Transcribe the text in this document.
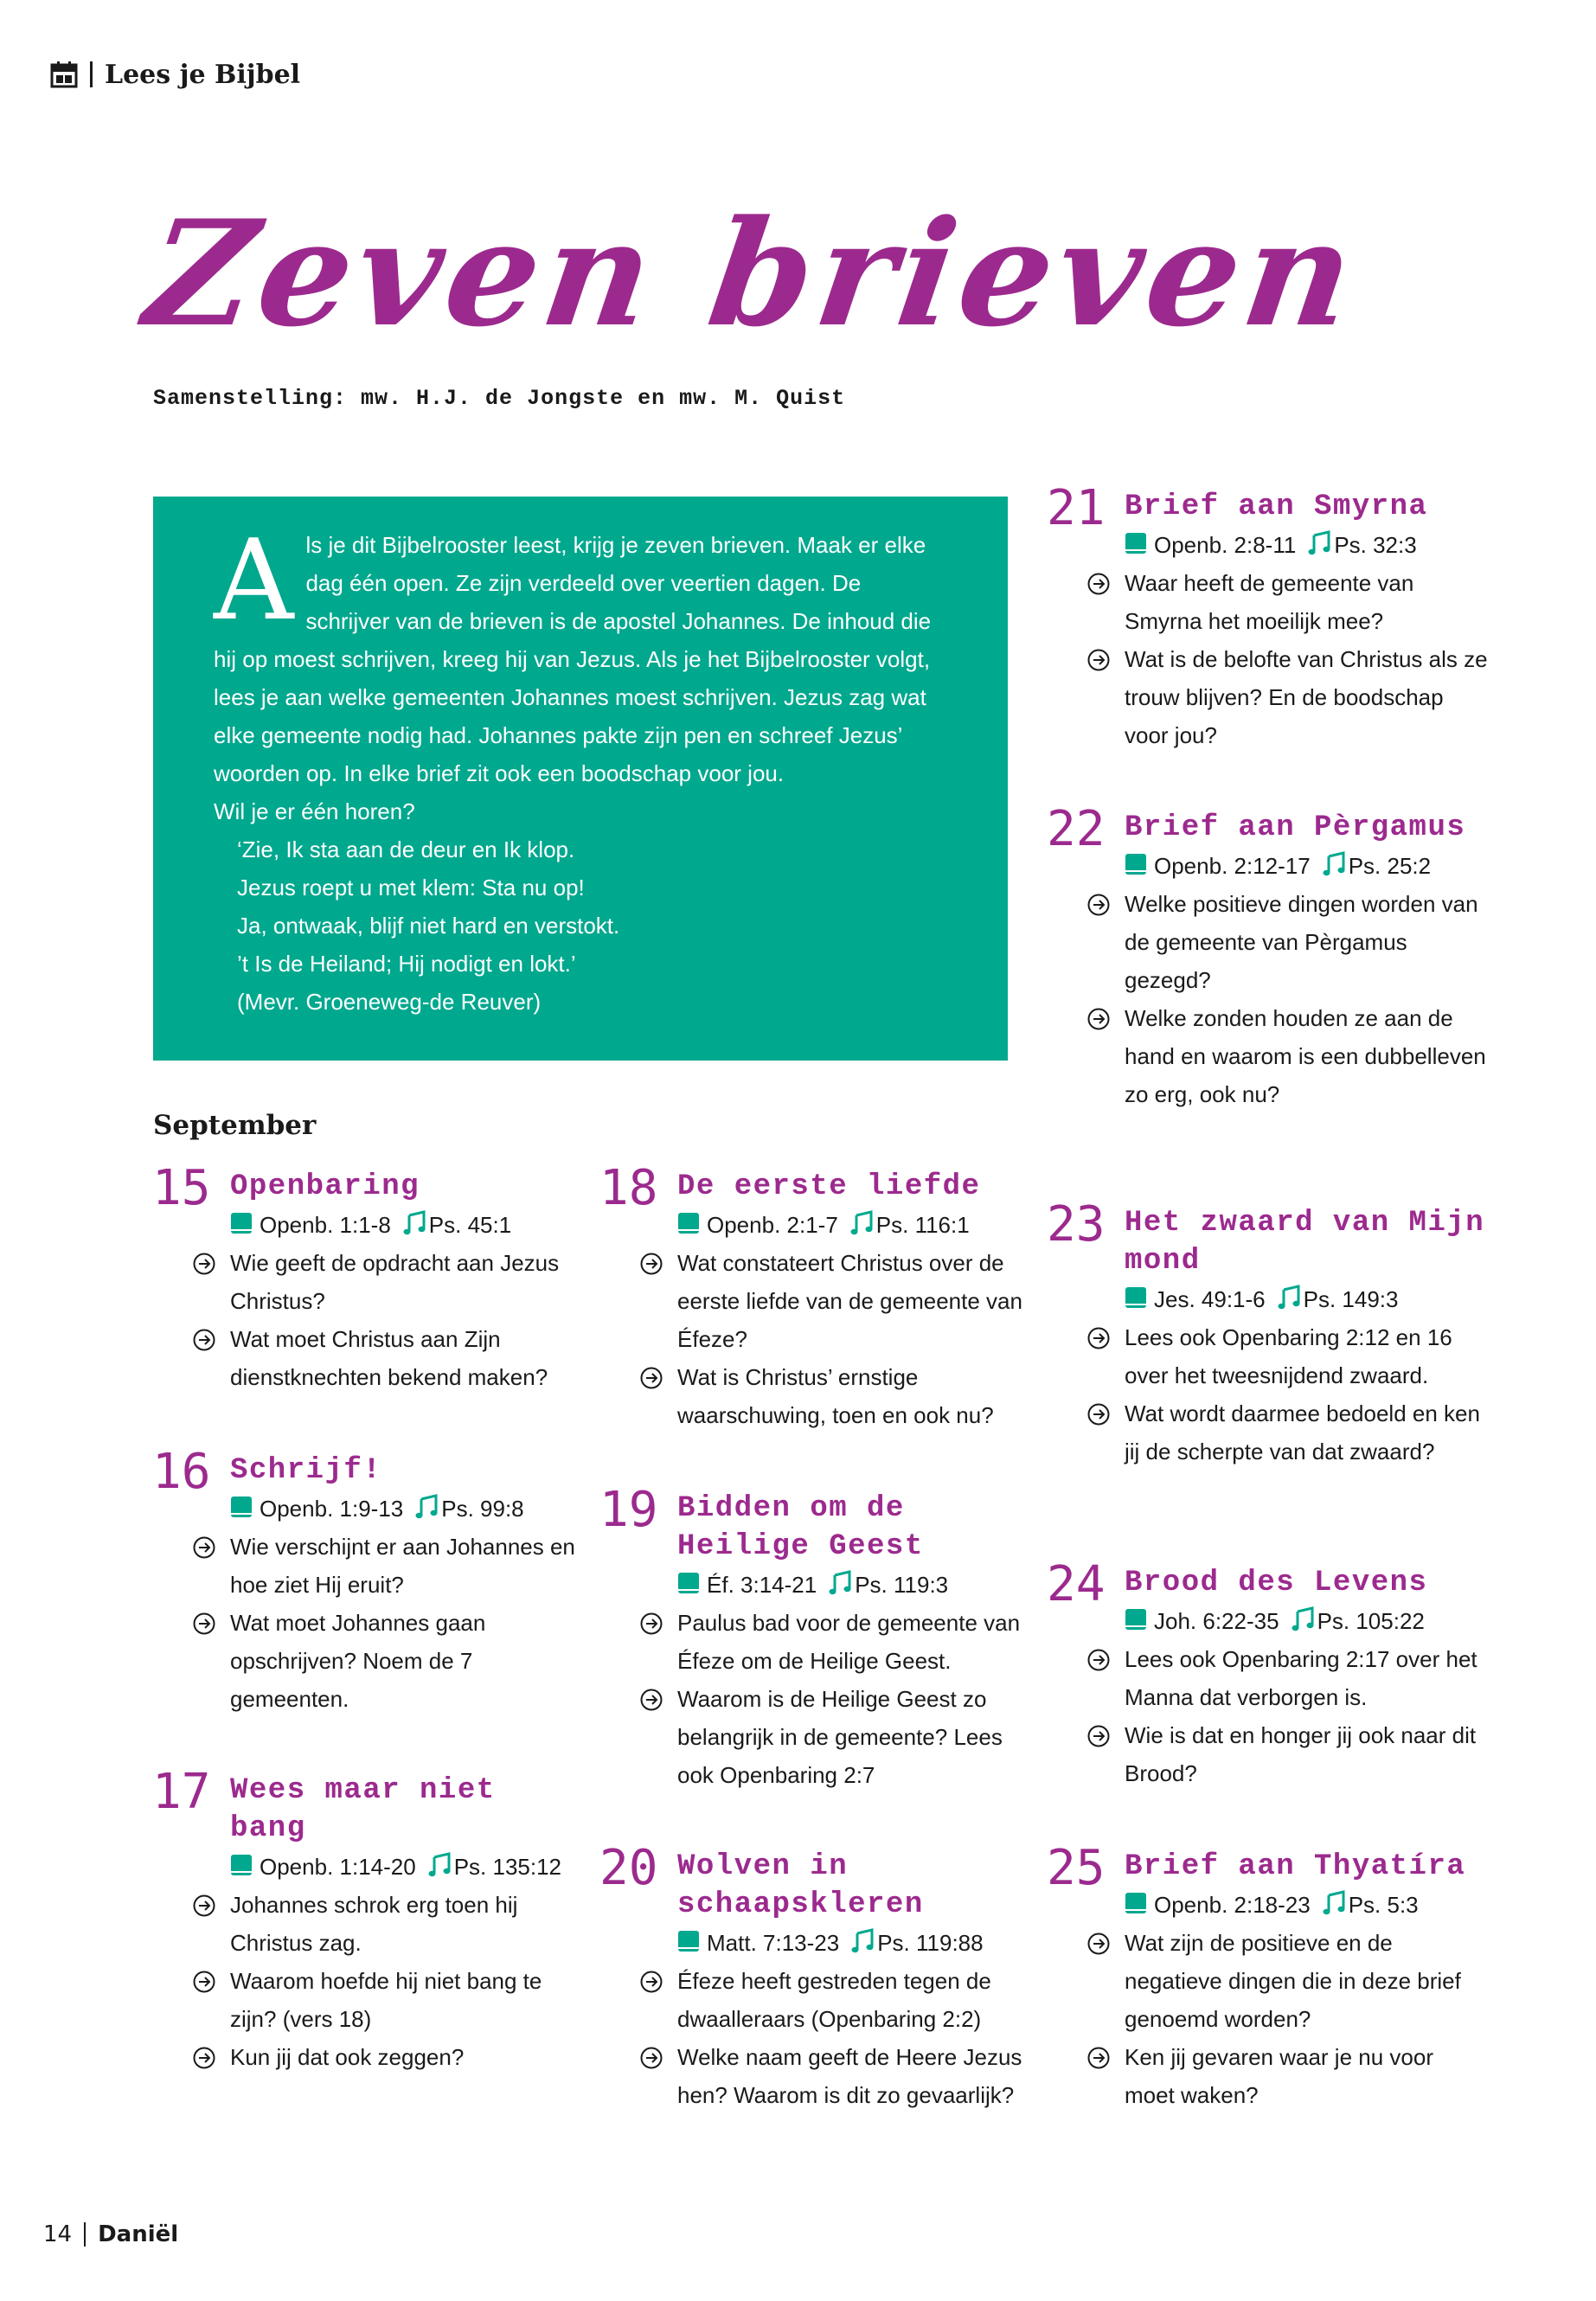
Lees je Bijbel
Zeven brieven
Samenstelling: mw. H.J. de Jongste en mw. M. Quist
A ls je dit Bijbelrooster leest, krijg je zeven brieven. Maak er elke dag één open. Ze zijn verdeeld over veertien dagen. De schrijver van de brieven is de apostel Johannes. De inhoud die hij op moest schrijven, kreeg hij van Jezus. Als je het Bijbelrooster volgt, lees je aan welke gemeenten Johannes moest schrijven. Jezus zag wat elke gemeente nodig had. Johannes pakte zijn pen en schreef Jezus’ woorden op. In elke brief zit ook een boodschap voor jou.

Wil je er één horen?

‘Zie, Ik sta aan de deur en Ik klop.
Jezus roept u met klem: Sta nu op!
Ja, ontwaak, blijf niet hard en verstokt.
’t Is de Heiland; Hij nodigt en lokt.’
(Mevr. Groeneweg-de Reuver)
September
15 Openbaring
Openb. 1:1-8 Ps. 45:1
Wie geeft de opdracht aan Jezus Christus?
Wat moet Christus aan Zijn dienstknechten bekend maken?
16 Schrijf!
Openb. 1:9-13 Ps. 99:8
Wie verschijnt er aan Johannes en hoe ziet Hij eruit?
Wat moet Johannes gaan opschrijven? Noem de 7 gemeenten.
17 Wees maar niet bang
Openb. 1:14-20 Ps. 135:12
Johannes schrok erg toen hij Christus zag.
Waarom hoefde hij niet bang te zijn? (vers 18)
Kun jij dat ook zeggen?
18 De eerste liefde
Openb. 2:1-7 Ps. 116:1
Wat constateert Christus over de eerste liefde van de gemeente van Éfeze?
Wat is Christus’ ernstige waarschuwing, toen en ook nu?
19 Bidden om de Heilige Geest
Éf. 3:14-21 Ps. 119:3
Paulus bad voor de gemeente van Éfeze om de Heilige Geest.
Waarom is de Heilige Geest zo belangrijk in de gemeente? Lees ook Openbaring 2:7
20 Wolven in schaapskleren
Matt. 7:13-23 Ps. 119:88
Éfeze heeft gestreden tegen de dwaalleraars (Openbaring 2:2)
Welke naam geeft de Heere Jezus hen? Waarom is dit zo gevaarlijk?
21 Brief aan Smyrna
Openb. 2:8-11 Ps. 32:3
Waar heeft de gemeente van Smyrna het moeilijk mee?
Wat is de belofte van Christus als ze trouw blijven? En de boodschap voor jou?
22 Brief aan Pèrgamus
Openb. 2:12-17 Ps. 25:2
Welke positieve dingen worden van de gemeente van Pèrgamus gezegd?
Welke zonden houden ze aan de hand en waarom is een dubbelleven zo erg, ook nu?
23 Het zwaard van Mijn mond
Jes. 49:1-6 Ps. 149:3
Lees ook Openbaring 2:12 en 16 over het tweesnijdend zwaard.
Wat wordt daarmee bedoeld en ken jij de scherpte van dat zwaard?
24 Brood des Levens
Joh. 6:22-35 Ps. 105:22
Lees ook Openbaring 2:17 over het Manna dat verborgen is.
Wie is dat en honger jij ook naar dit Brood?
25 Brief aan Thyatíra
Openb. 2:18-23 Ps. 5:3
Wat zijn de positieve en de negatieve dingen die in deze brief genoemd worden?
Ken jij gevaren waar je nu voor moet waken?
14 Daniël
